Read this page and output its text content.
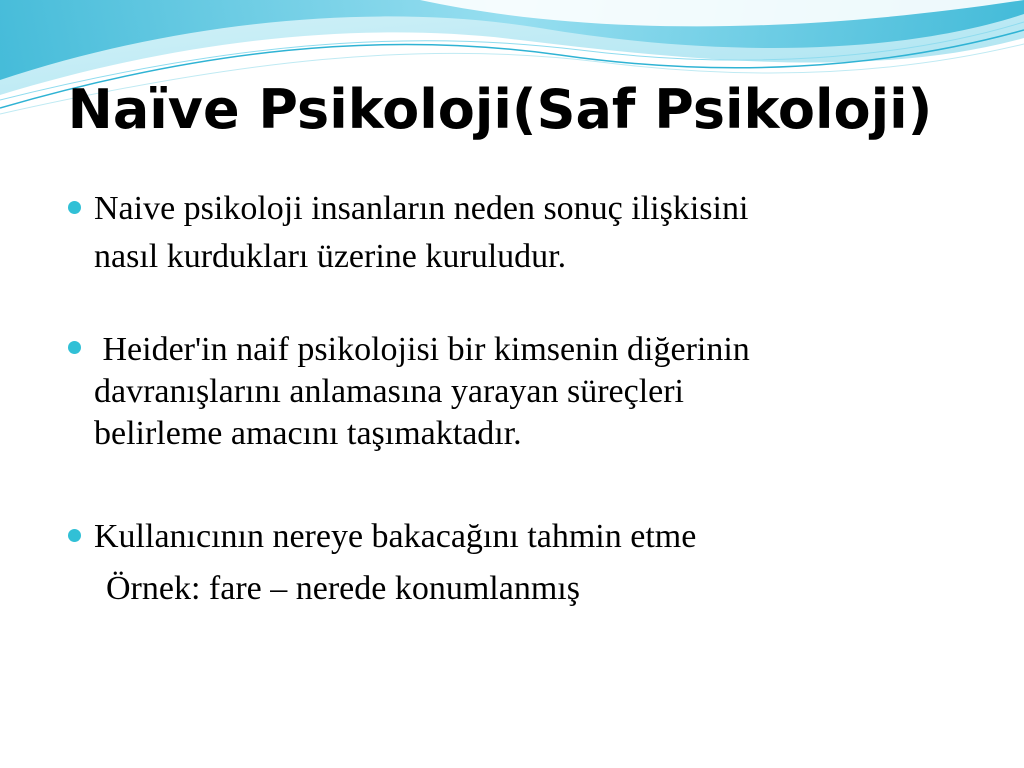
Naïve Psikoloji(Saf Psikoloji)
Naive psikoloji insanların neden sonuç ilişkisini
nasıl kurdukları üzerine kuruludur.
Heider'in naif psikolojisi bir kimsenin diğerinin
davranışlarını anlamasına yarayan süreçleri
belirleme amacını taşımaktadır.
Kullanıcının nereye bakacağını tahmin etme
Örnek: fare – nerede konumlanmış
